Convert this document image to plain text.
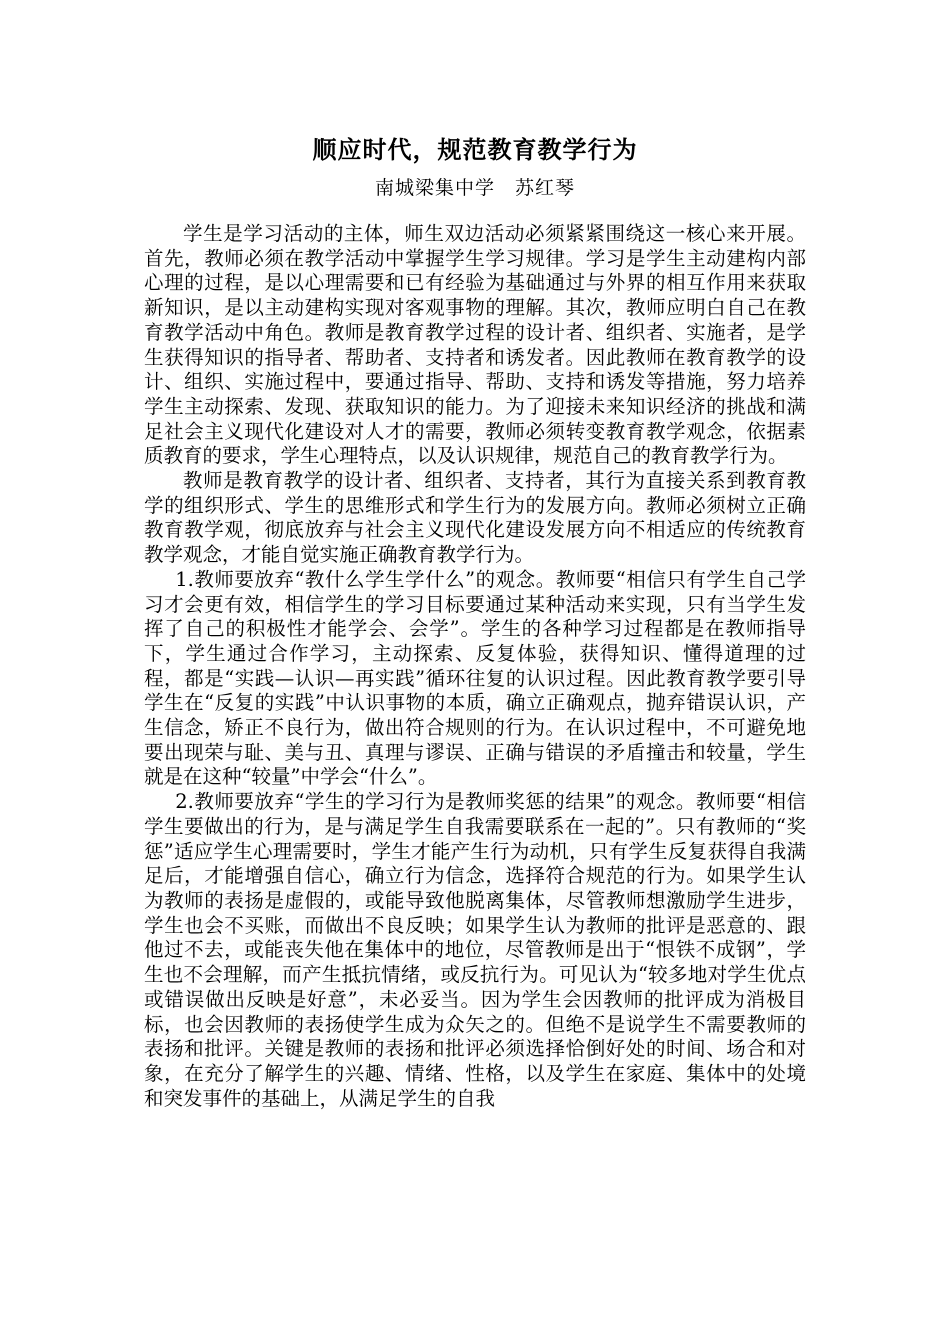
顺应时代，规范教育教学行为
南城梁集中学 苏红琴

学生是学习活动的主体，师生双边活动必须紧紧围绕这一核心来开展。首先，教师必须在教学活动中掌握学生学习规律。学习是学生主动建构内部心理的过程，是以心理需要和已有经验为基础通过与外界的相互作用来获取新知识，是以主动建构实现对客观事物的理解。其次，教师应明白自己在教育教学活动中角色。教师是教育教学过程的设计者、组织者、实施者，是学生获得知识的指导者、帮助者、支持者和诱发者。因此教师在教育教学的设计、组织、实施过程中，要通过指导、帮助、支持和诱发等措施，努力培养学生主动探索、发现、获取知识的能力。为了迎接未来知识经济的挑战和满足社会主义现代化建设对人才的需要，教师必须转变教育教学观念，依据素质教育的要求，学生心理特点，以及认识规律，规范自己的教育教学行为。

教师是教育教学的设计者、组织者、支持者，其行为直接关系到教育教学的组织形式、学生的思维形式和学生行为的发展方向。教师必须树立正确教育教学观，彻底放弃与社会主义现代化建设发展方向不相适应的传统教育教学观念，才能自觉实施正确教育教学行为。

1.教师要放弃“教什么学生学什么”的观念。教师要“相信只有学生自己学习才会更有效，相信学生的学习目标要通过某种活动来实现，只有当学生发挥了自己的积极性才能学会、会学”。学生的各种学习过程都是在教师指导下，学生通过合作学习，主动探索、反复体验，获得知识、懂得道理的过程，都是“实践—认识—再实践”循环往复的认识过程。因此教育教学要引导学生在“反复的实践”中认识事物的本质，确立正确观点，抛弃错误认识，产生信念，矫正不良行为，做出符合规则的行为。在认识过程中，不可避免地要出现荣与耻、美与丑、真理与谬误、正确与错误的矛盾撞击和较量，学生就是在这种“较量”中学会“什么”。

2.教师要放弃“学生的学习行为是教师奖惩的结果”的观念。教师要“相信学生要做出的行为，是与满足学生自我需要联系在一起的”。只有教师的“奖惩”适应学生心理需要时，学生才能产生行为动机，只有学生反复获得自我满足后，才能增强自信心，确立行为信念，选择符合规范的行为。如果学生认为教师的表扬是虚假的，或能导致他脱离集体，尽管教师想激励学生进步，学生也会不买账，而做出不良反映；如果学生认为教师的批评是恶意的、跟他过不去，或能丧失他在集体中的地位，尽管教师是出于“恨铁不成钢”，学生也不会理解，而产生抵抗情绪，或反抗行为。可见认为“较多地对学生优点或错误做出反映是好意”，未必妥当。因为学生会因教师的批评成为消极目标，也会因教师的表扬使学生成为众矢之的。但绝不是说学生不需要教师的表扬和批评。关键是教师的表扬和批评必须选择恰倒好处的时间、场合和对象，在充分了解学生的兴趣、情绪、性格，以及学生在家庭、集体中的处境和突发事件的基础上，从满足学生的自我
